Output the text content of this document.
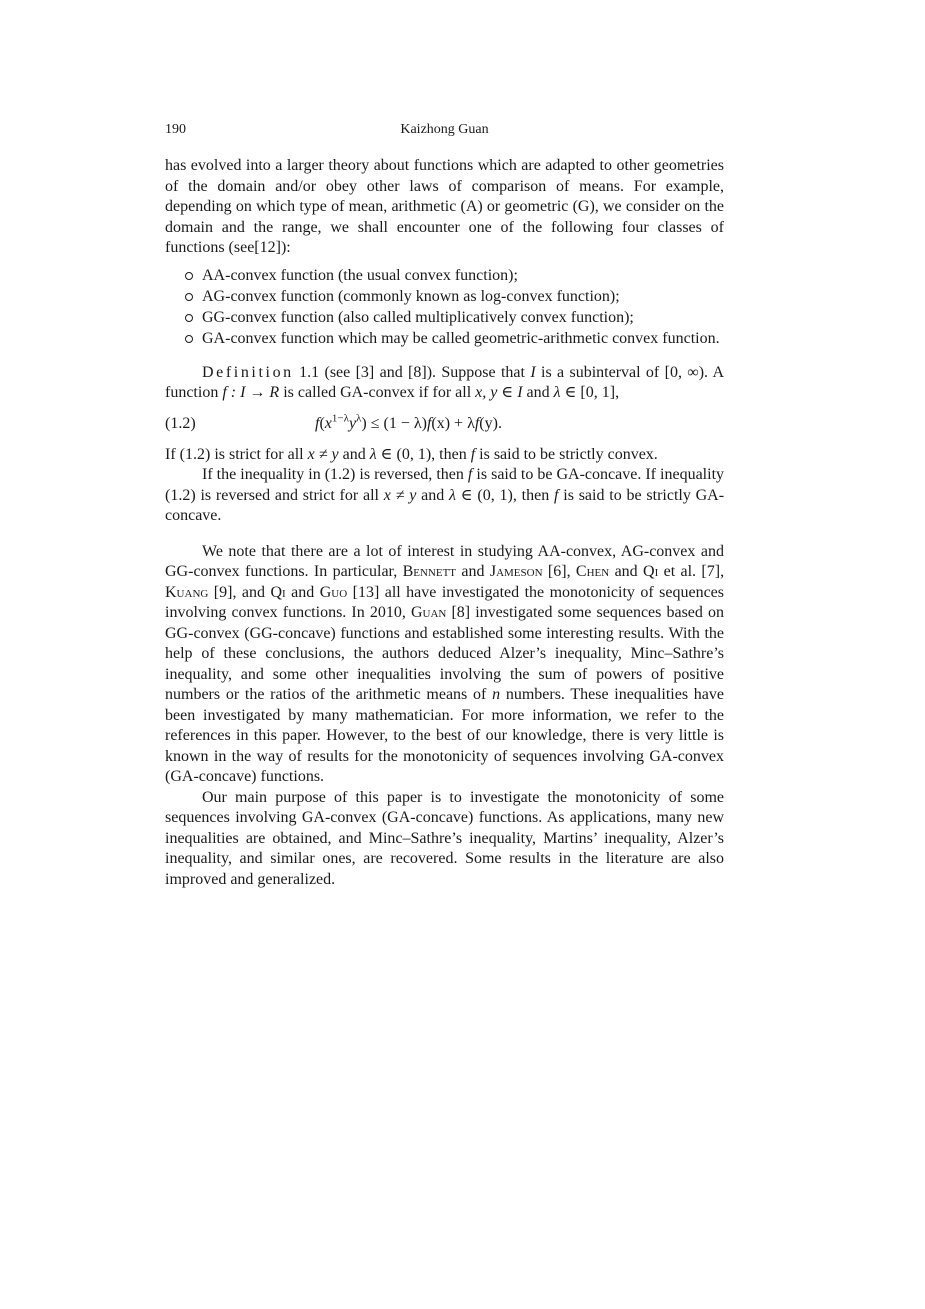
190	Kaizhong Guan

has evolved into a larger theory about functions which are adapted to other geometries of the domain and/or obey other laws of comparison of means. For example, depending on which type of mean, arithmetic (A) or geometric (G), we consider on the domain and the range, we shall encounter one of the following four classes of functions (see[12]):

AA-convex function (the usual convex function);
AG-convex function (commonly known as log-convex function);
GG-convex function (also called multiplicatively convex function);
GA-convex function which may be called geometric-arithmetic convex function.

Definition 1.1 (see [3] and [8]). Suppose that I is a subinterval of [0, ∞). A function f : I → R is called GA-convex if for all x, y ∈ I and λ ∈ [0, 1],

(1.2)	$f(x^{1-\lambda}y^\lambda) \le (1 - \lambda)f(x) + \lambda f(y)$.

If (1.2) is strict for all x ≠ y and λ ∈ (0, 1), then f is said to be strictly convex.

If the inequality in (1.2) is reversed, then f is said to be GA-concave. If inequality (1.2) is reversed and strict for all x ≠ y and λ ∈ (0, 1), then f is said to be strictly GA-concave.

We note that there are a lot of interest in studying AA-convex, AG-convex and GG-convex functions. In particular, Bennett and Jameson [6], Chen and Qi et al. [7], Kuang [9], and Qi and Guo [13] all have investigated the monotonicity of sequences involving convex functions. In 2010, Guan [8] investigated some sequences based on GG-convex (GG-concave) functions and established some interesting results. With the help of these conclusions, the authors deduced Alzer’s inequality, Minc–Sathre’s inequality, and some other inequalities involving the sum of powers of positive numbers or the ratios of the arithmetic means of n numbers. These inequalities have been investigated by many mathematician. For more information, we refer to the references in this paper. However, to the best of our knowledge, there is very little is known in the way of results for the monotonicity of sequences involving GA-convex (GA-concave) functions.

Our main purpose of this paper is to investigate the monotonicity of some sequences involving GA-convex (GA-concave) functions. As applications, many new inequalities are obtained, and Minc–Sathre’s inequality, Martins’ inequality, Alzer’s inequality, and similar ones, are recovered. Some results in the literature are also improved and generalized.
